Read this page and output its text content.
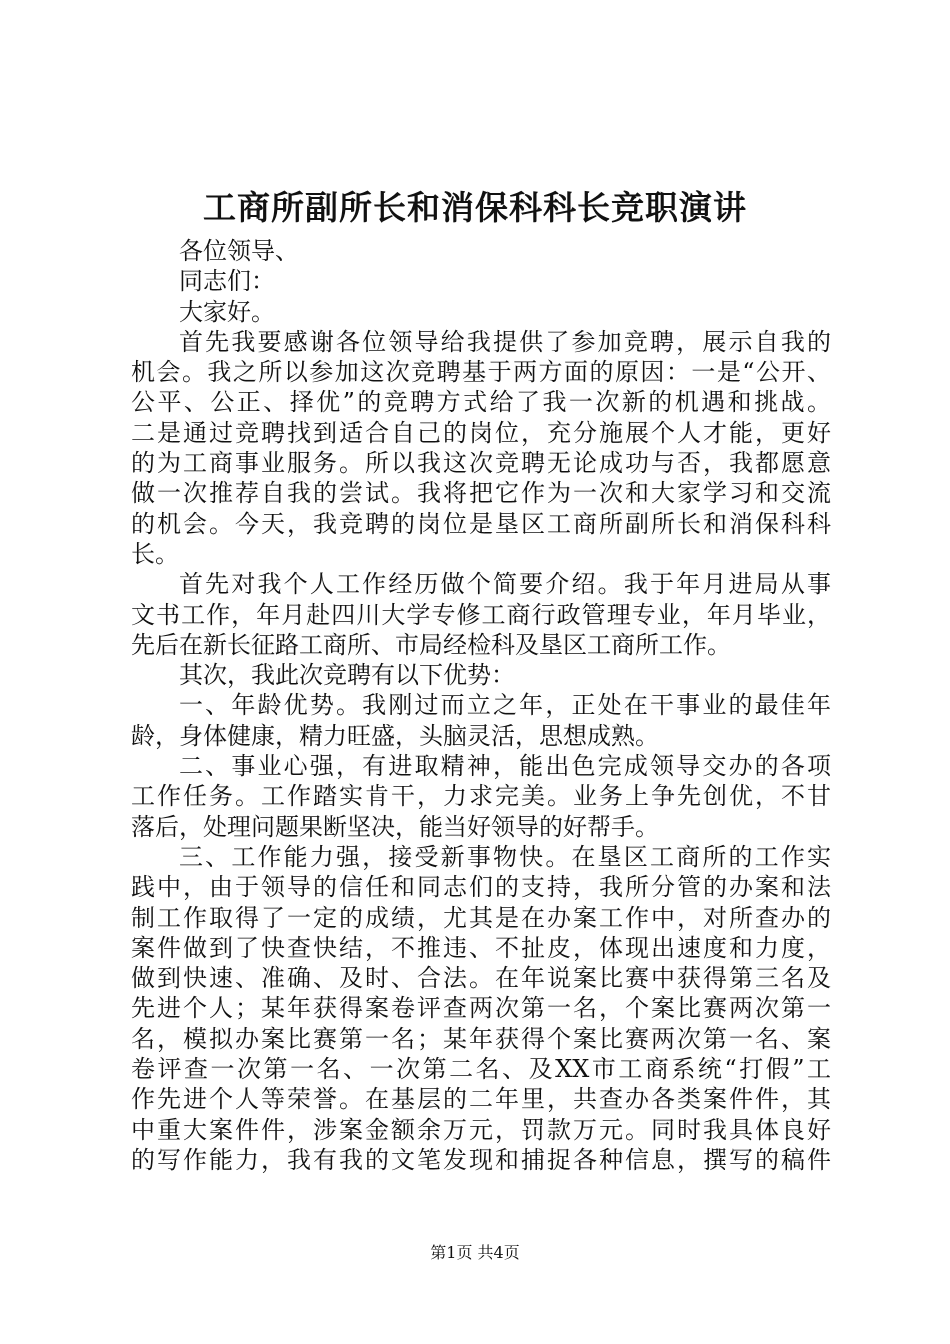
工商所副所长和消保科科长竞职演讲
各位领导、
同志们：
大家好。
首先我要感谢各位领导给我提供了参加竞聘，展示自我的
机会。我之所以参加这次竞聘基于两方面的原因：一是“公开、
公平、公正、择优”的竞聘方式给了我一次新的机遇和挑战。
二是通过竞聘找到适合自己的岗位，充分施展个人才能，更好
的为工商事业服务。所以我这次竞聘无论成功与否，我都愿意
做一次推荐自我的尝试。我将把它作为一次和大家学习和交流
的机会。今天，我竞聘的岗位是垦区工商所副所长和消保科科
长。
首先对我个人工作经历做个简要介绍。我于年月进局从事
文书工作，年月赴四川大学专修工商行政管理专业，年月毕业，
先后在新长征路工商所、市局经检科及垦区工商所工作。
其次，我此次竞聘有以下优势：
一、年龄优势。我刚过而立之年，正处在干事业的最佳年
龄，身体健康，精力旺盛，头脑灵活，思想成熟。
二、事业心强，有进取精神，能出色完成领导交办的各项
工作任务。工作踏实肯干，力求完美。业务上争先创优，不甘
落后，处理问题果断坚决，能当好领导的好帮手。
三、工作能力强，接受新事物快。在垦区工商所的工作实
践中，由于领导的信任和同志们的支持，我所分管的办案和法
制工作取得了一定的成绩，尤其是在办案工作中，对所查办的
案件做到了快查快结，不推违、不扯皮，体现出速度和力度，
做到快速、准确、及时、合法。在年说案比赛中获得第三名及
先进个人；某年获得案卷评查两次第一名，个案比赛两次第一
名，模拟办案比赛第一名；某年获得个案比赛两次第一名、案
卷评查一次第一名、一次第二名、及XX市工商系统“打假”工
作先进个人等荣誉。在基层的二年里，共查办各类案件件，其
中重大案件件，涉案金额余万元，罚款万元。同时我具体良好
的写作能力，我有我的文笔发现和捕捉各种信息，撰写的稿件
第1页 共4页
